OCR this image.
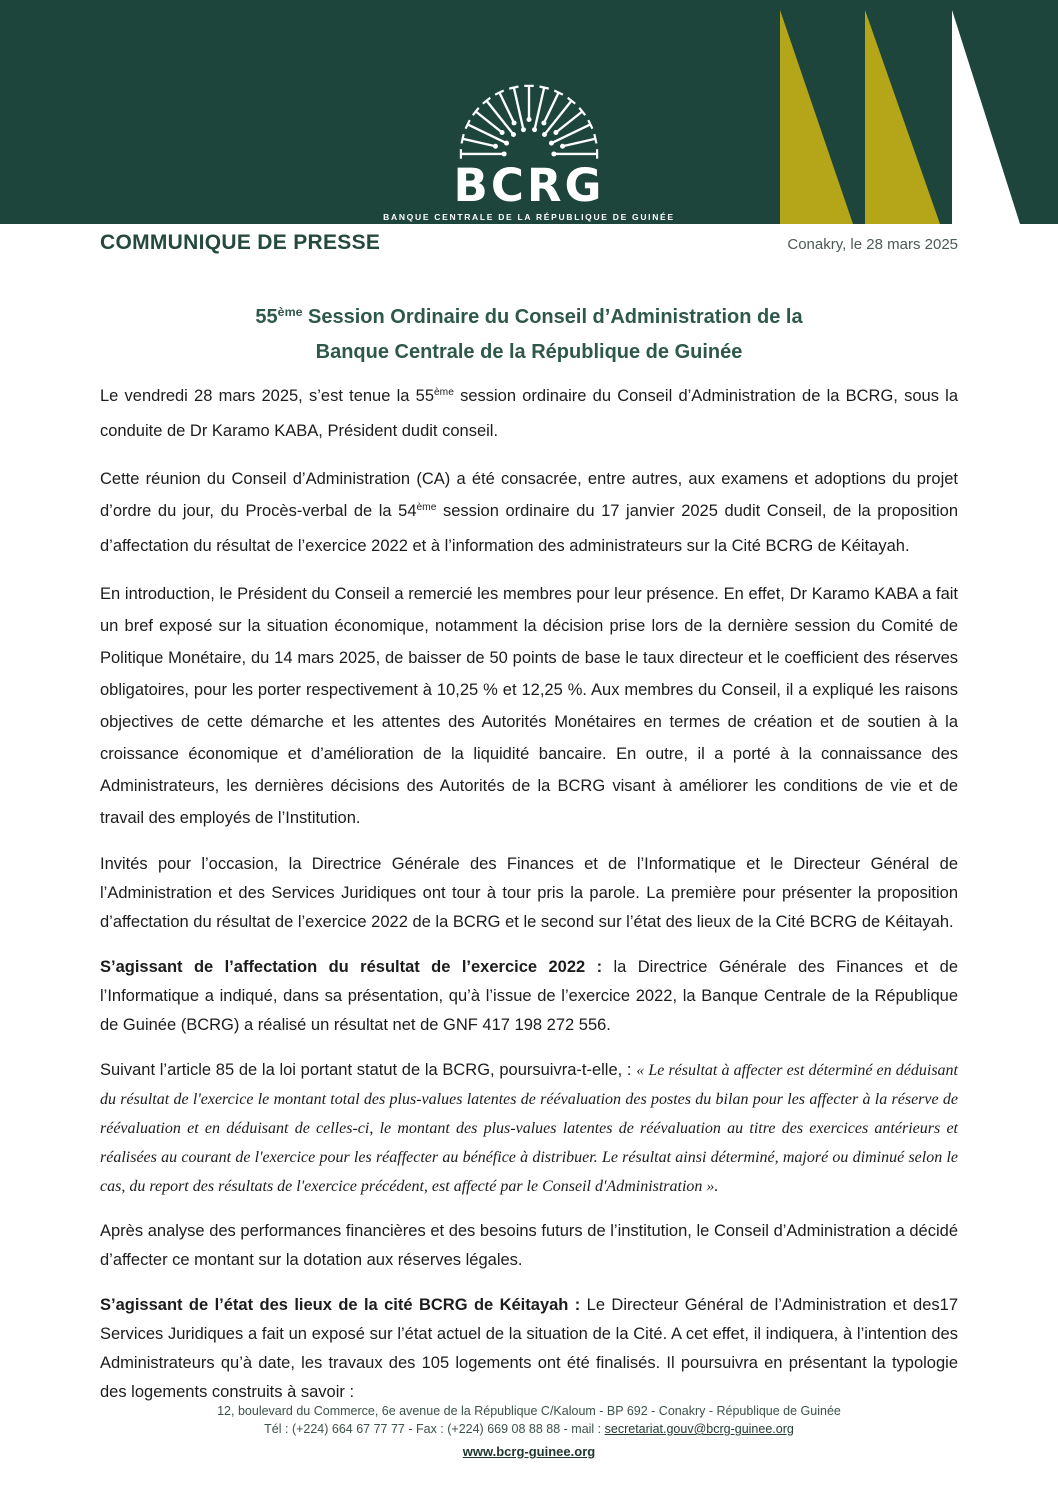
BCRG
BANQUE CENTRALE DE LA RÉPUBLIQUE DE GUINÉE
COMMUNIQUE DE PRESSE	Conakry, le 28 mars 2025
55ème Session Ordinaire du Conseil d’Administration de la
Banque Centrale de la République de Guinée

Le vendredi 28 mars 2025, s’est tenue la 55ème session ordinaire du Conseil d’Administration de la BCRG, sous la conduite de Dr Karamo KABA, Président dudit conseil.

Cette réunion du Conseil d’Administration (CA) a été consacrée, entre autres, aux examens et adoptions du projet d’ordre du jour, du Procès-verbal de la 54ème session ordinaire du 17 janvier 2025 dudit Conseil, de la proposition d’affectation du résultat de l’exercice 2022 et à l’information des administrateurs sur la Cité BCRG de Kéitayah.

En introduction, le Président du Conseil a remercié les membres pour leur présence. En effet, Dr Karamo KABA a fait un bref exposé sur la situation économique, notamment la décision prise lors de la dernière session du Comité de Politique Monétaire, du 14 mars 2025, de baisser de 50 points de base le taux directeur et le coefficient des réserves obligatoires, pour les porter respectivement à 10,25 % et 12,25 %. Aux membres du Conseil, il a expliqué les raisons objectives de cette démarche et les attentes des Autorités Monétaires en termes de création et de soutien à la croissance économique et d’amélioration de la liquidité bancaire. En outre, il a porté à la connaissance des Administrateurs, les dernières décisions des Autorités de la BCRG visant à améliorer les conditions de vie et de travail des employés de l’Institution.

Invités pour l’occasion, la Directrice Générale des Finances et de l’Informatique et le Directeur Général de l’Administration et des Services Juridiques ont tour à tour pris la parole. La première pour présenter la proposition d’affectation du résultat de l’exercice 2022 de la BCRG et le second sur l’état des lieux de la Cité BCRG de Kéitayah.

S’agissant de l’affectation du résultat de l’exercice 2022 : la Directrice Générale des Finances et de l’Informatique a indiqué, dans sa présentation, qu’à l’issue de l’exercice 2022, la Banque Centrale de la République de Guinée (BCRG) a réalisé un résultat net de GNF 417 198 272 556.

Suivant l’article 85 de la loi portant statut de la BCRG, poursuivra-t-elle, : « Le résultat à affecter est déterminé en déduisant du résultat de l'exercice le montant total des plus-values latentes de réévaluation des postes du bilan pour les affecter à la réserve de réévaluation et en déduisant de celles-ci, le montant des plus-values latentes de réévaluation au titre des exercices antérieurs et réalisées au courant de l'exercice pour les réaffecter au bénéfice à distribuer. Le résultat ainsi déterminé, majoré ou diminué selon le cas, du report des résultats de l'exercice précédent, est affecté par le Conseil d'Administration ».

Après analyse des performances financières et des besoins futurs de l’institution, le Conseil d’Administration a décidé d’affecter ce montant sur la dotation aux réserves légales.

17
S’agissant de l’état des lieux de la cité BCRG de Kéitayah : Le Directeur Général de l’Administration et des Services Juridiques a fait un exposé sur l’état actuel de la situation de la Cité. A cet effet, il indiquera, à l’intention des Administrateurs qu’à date, les travaux des 105 logements ont été finalisés. Il poursuivra en présentant la typologie des logements construits à savoir :

12, boulevard du Commerce, 6e avenue de la République C/Kaloum - BP 692 - Conakry - République de Guinée
Tél : (+224) 664 67 77 77 - Fax : (+224) 669 08 88 88 - mail : secretariat.gouv@bcrg-guinee.org
www.bcrg-guinee.org
